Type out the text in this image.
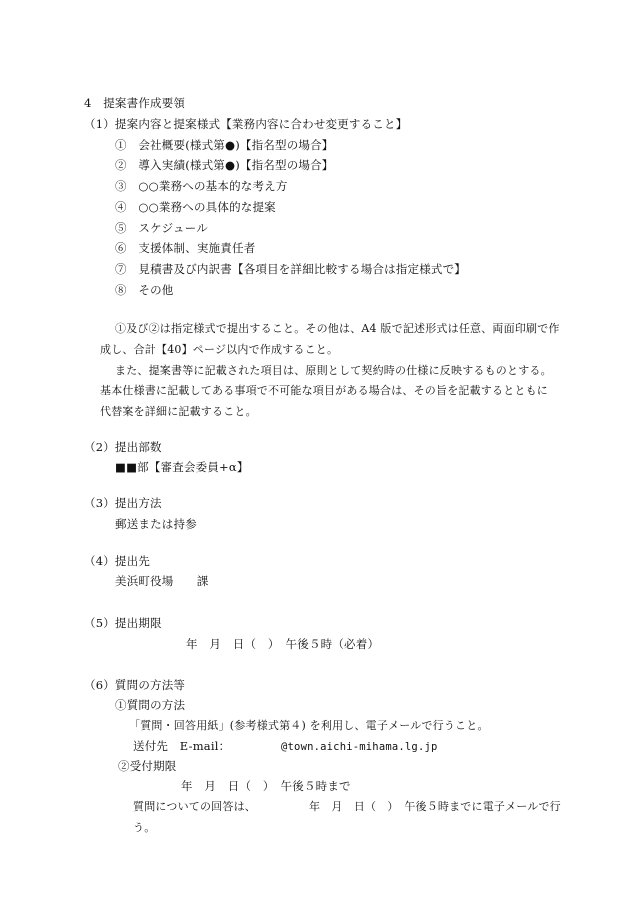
4　提案書作成要領
（1）提案内容と提案様式【業務内容に合わせ変更すること】
①　会社概要(様式第●)【指名型の場合】
②　導入実績(様式第●)【指名型の場合】
③　○○業務への基本的な考え方
④　○○業務への具体的な提案
⑤　スケジュール
⑥　支援体制、実施責任者
⑦　見積書及び内訳書【各項目を詳細比較する場合は指定様式で】
⑧　その他
①及び②は指定様式で提出すること。その他は、A4 版で記述形式は任意、両面印刷で作
成し、合計【40】ページ以内で作成すること。
また、提案書等に記載された項目は、原則として契約時の仕様に反映するものとする。
基本仕様書に記載してある事項で不可能な項目がある場合は、その旨を記載するとともに
代替案を詳細に記載すること。
（2）提出部数
■■部【審査会委員+α】
（3）提出方法
郵送または持参
（4）提出先
美浜町役場　　課
（5）提出期限
年　月　日（　）　午後５時（必着）
（6）質問の方法等
①質問の方法
「質問・回答用紙」(参考様式第４) を利用し、電子メールで行うこと。
送付先　E-mail：	@town.aichi-mihama.lg.jp
②受付期限
年　月　日（　）　午後５時まで
質問についての回答は、	年　月　日（　）　午後５時までに電子メールで行
う。
